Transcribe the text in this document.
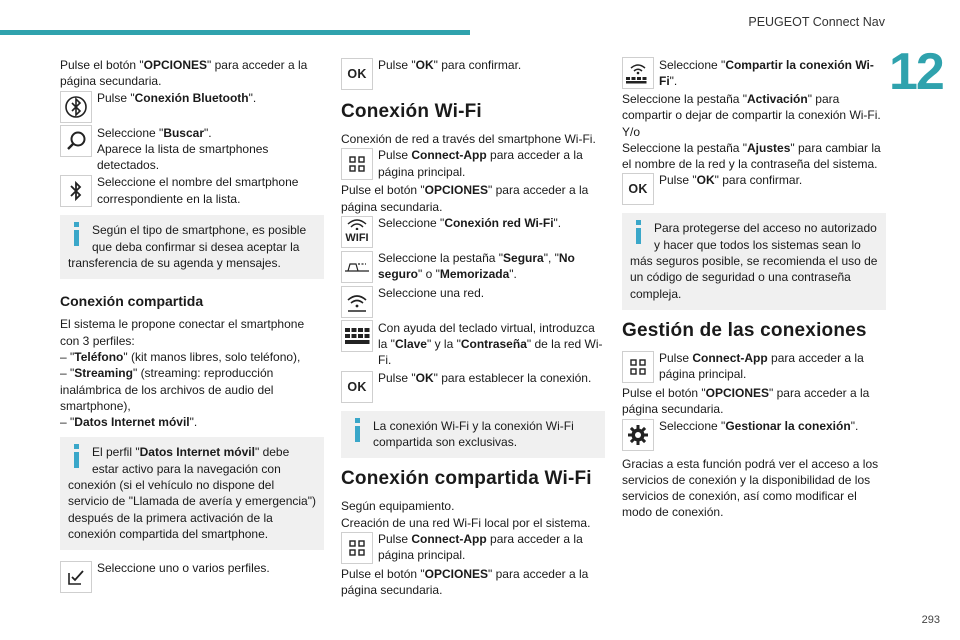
PEUGEOT Connect Nav
12
293

Pulse el botón "OPCIONES" para acceder a la página secundaria.

Pulse "Conexión Bluetooth".

Seleccione "Buscar".
Aparece la lista de smartphones detectados.

Seleccione el nombre del smartphone correspondiente en la lista.

Según el tipo de smartphone, es posible que deba confirmar si desea aceptar la transferencia de su agenda y mensajes.

Conexión compartida

El sistema le propone conectar el smartphone con 3 perfiles:

– "Teléfono" (kit manos libres, solo teléfono),

– "Streaming" (streaming: reproducción inalámbrica de los archivos de audio del smartphone),

– "Datos Internet móvil".

El perfil "Datos Internet móvil" debe estar activo para la navegación con conexión (si el vehículo no dispone del servicio de "Llamada de avería y emergencia") después de la primera activación de la conexión compartida del smartphone.

Seleccione uno o varios perfiles.

OK

Pulse "OK" para confirmar.

Conexión Wi-Fi

Conexión de red a través del smartphone Wi-Fi.

Pulse Connect-App para acceder a la página principal.

Pulse el botón "OPCIONES" para acceder a la página secundaria.

WIFI

Seleccione "Conexión red Wi-Fi".

Seleccione la pestaña "Segura", "No seguro" o "Memorizada".

Seleccione una red.

Con ayuda del teclado virtual, introduzca la "Clave" y la "Contraseña" de la red Wi-Fi.

OK

Pulse "OK" para establecer la conexión.

La conexión Wi-Fi y la conexión Wi-Fi compartida son exclusivas.

Conexión compartida Wi-Fi

Según equipamiento.

Creación de una red Wi-Fi local por el sistema.

Pulse Connect-App para acceder a la página principal.

Pulse el botón "OPCIONES" para acceder a la página secundaria.

Seleccione "Compartir la conexión Wi-Fi".

Seleccione la pestaña "Activación" para compartir o dejar de compartir la conexión Wi-Fi.

Y/o

Seleccione la pestaña "Ajustes" para cambiar la el nombre de la red y la contraseña del sistema.

OK

Pulse "OK" para confirmar.

Para protegerse del acceso no autorizado y hacer que todos los sistemas sean lo más seguros posible, se recomienda el uso de un código de seguridad o una contraseña compleja.

Gestión de las conexiones

Pulse Connect-App para acceder a la página principal.

Pulse el botón "OPCIONES" para acceder a la página secundaria.

Seleccione "Gestionar la conexión".

Gracias a esta función podrá ver el acceso a los servicios de conexión y la disponibilidad de los servicios de conexión, así como modificar el modo de conexión.
